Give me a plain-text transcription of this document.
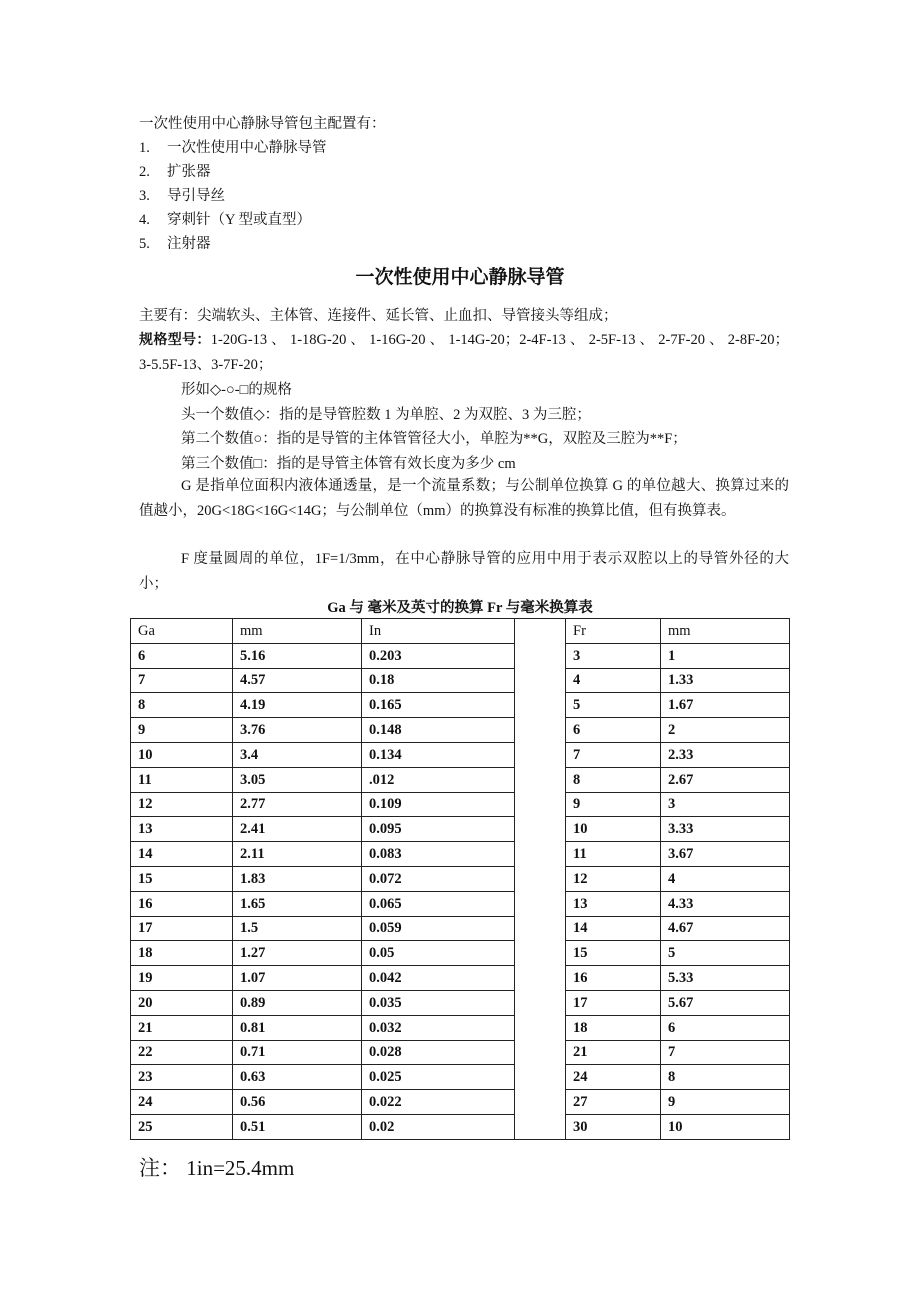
一次性使用中心静脉导管包主配置有：
1. 一次性使用中心静脉导管
2. 扩张器
3. 导引导丝
4. 穿刺针（Y 型或直型）
5. 注射器
一次性使用中心静脉导管
主要有：尖端软头、主体管、连接件、延长管、止血扣、导管接头等组成；
规格型号：1-20G-13 、 1-18G-20 、 1-16G-20 、 1-14G-20；2-4F-13 、 2-5F-13 、 2-7F-20 、 2-8F-20；3-5.5F-13、3-7F-20；
形如◇-○-□的规格
头一个数值◇：指的是导管腔数 1 为单腔、2 为双腔、3 为三腔；
第二个数值○：指的是导管的主体管管径大小，单腔为**G，双腔及三腔为**F；
第三个数值□：指的是导管主体管有效长度为多少 cm
G 是指单位面积内液体通透量，是一个流量系数；与公制单位换算 G 的单位越大、换算过来的值越小，20G<18G<16G<14G；与公制单位（mm）的换算没有标准的换算比值，但有换算表。
F 度量圆周的单位，1F=1/3mm，在中心静脉导管的应用中用于表示双腔以上的导管外径的大小；
Ga 与 毫米及英寸的换算 Fr 与毫米换算表
Ga	mm	In		Fr	mm
6	5.16	0.203		3	1
7	4.57	0.18		4	1.33
8	4.19	0.165		5	1.67
9	3.76	0.148		6	2
10	3.4	0.134		7	2.33
11	3.05	.012		8	2.67
12	2.77	0.109		9	3
13	2.41	0.095		10	3.33
14	2.11	0.083		11	3.67
15	1.83	0.072		12	4
16	1.65	0.065		13	4.33
17	1.5	0.059		14	4.67
18	1.27	0.05		15	5
19	1.07	0.042		16	5.33
20	0.89	0.035		17	5.67
21	0.81	0.032		18	6
22	0.71	0.028		21	7
23	0.63	0.025		24	8
24	0.56	0.022		27	9
25	0.51	0.02		30	10
注： 1in=25.4mm
